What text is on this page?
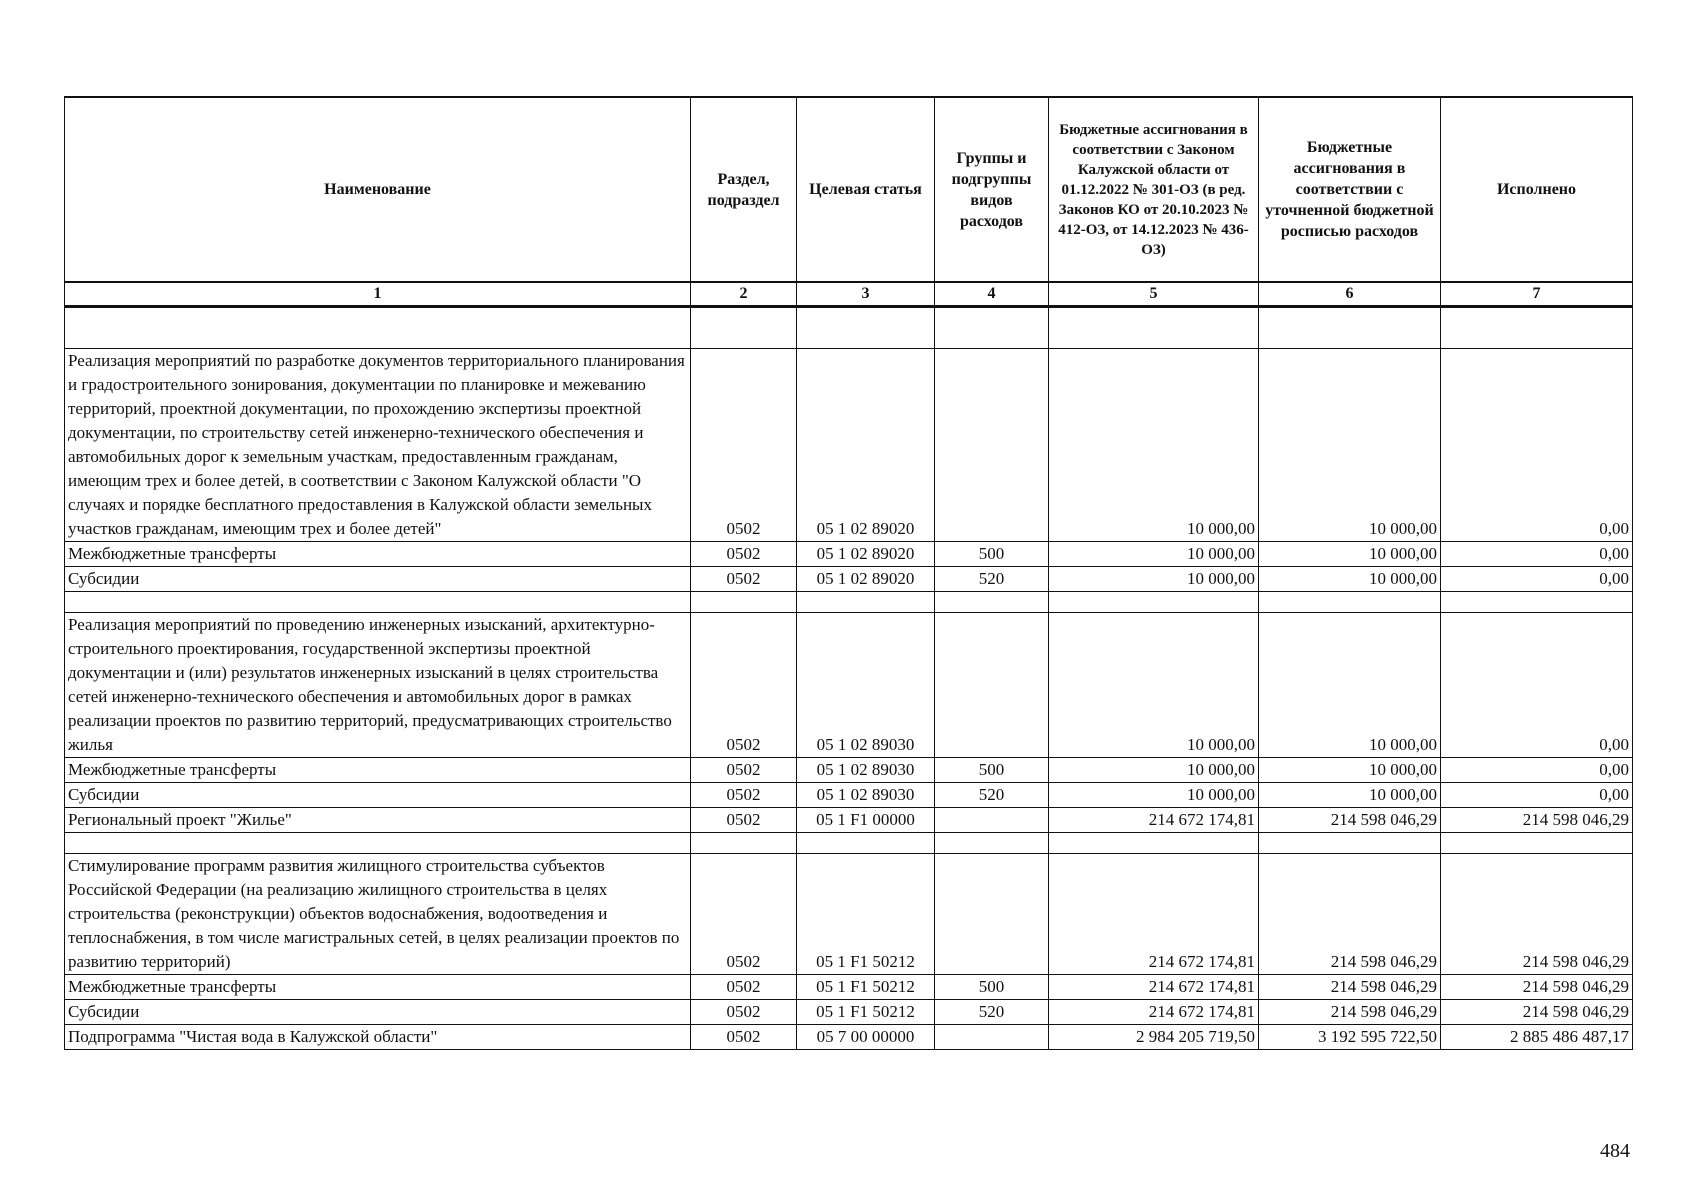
Наименование	Раздел, подраздел	Целевая статья	Группы и подгруппы видов расходов	Бюджетные ассигнования в соответствии с Законом Калужской области от 01.12.2022 № 301-ОЗ (в ред. Законов КО от 20.10.2023 № 412-ОЗ, от 14.12.2023 № 436-ОЗ)	Бюджетные ассигнования в соответствии с уточненной бюджетной росписью расходов	Исполнено
1	2	3	4	5	6	7

Реализация мероприятий по разработке документов территориального планирования и градостроительного зонирования, документации по планировке и межеванию территорий, проектной документации, по прохождению экспертизы проектной документации, по строительству сетей инженерно-технического обеспечения и автомобильных дорог к земельным участкам, предоставленным гражданам, имеющим трех и более детей, в соответствии с Законом Калужской области "О случаях и порядке бесплатного предоставления в Калужской области земельных участков гражданам, имеющим трех и более детей"	0502	05 1 02 89020		10 000,00	10 000,00	0,00
Межбюджетные трансферты	0502	05 1 02 89020	500	10 000,00	10 000,00	0,00
Субсидии	0502	05 1 02 89020	520	10 000,00	10 000,00	0,00

Реализация мероприятий по проведению инженерных изысканий, архитектурно-строительного проектирования, государственной экспертизы проектной документации и (или) результатов инженерных изысканий в целях строительства сетей инженерно-технического обеспечения и автомобильных дорог в рамках реализации проектов по развитию территорий, предусматривающих строительство жилья	0502	05 1 02 89030		10 000,00	10 000,00	0,00
Межбюджетные трансферты	0502	05 1 02 89030	500	10 000,00	10 000,00	0,00
Субсидии	0502	05 1 02 89030	520	10 000,00	10 000,00	0,00
Региональный проект "Жилье"	0502	05 1 F1 00000		214 672 174,81	214 598 046,29	214 598 046,29

Стимулирование программ развития жилищного строительства субъектов Российской Федерации (на реализацию жилищного строительства в целях строительства (реконструкции) объектов водоснабжения, водоотведения и теплоснабжения, в том числе магистральных сетей, в целях реализации проектов по развитию территорий)	0502	05 1 F1 50212		214 672 174,81	214 598 046,29	214 598 046,29
Межбюджетные трансферты	0502	05 1 F1 50212	500	214 672 174,81	214 598 046,29	214 598 046,29
Субсидии	0502	05 1 F1 50212	520	214 672 174,81	214 598 046,29	214 598 046,29
Подпрограмма "Чистая вода в Калужской области"	0502	05 7 00 00000		2 984 205 719,50	3 192 595 722,50	2 885 486 487,17
484
